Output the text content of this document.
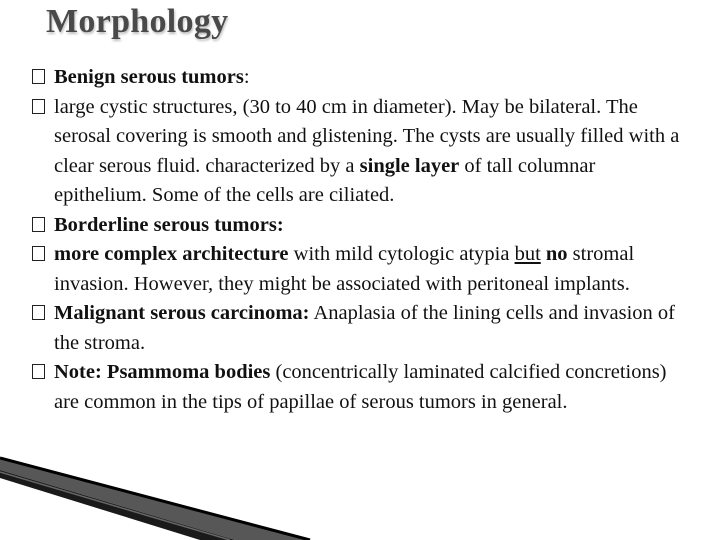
Morphology
Benign serous tumors:
large cystic structures, (30 to 40 cm in diameter). May be bilateral. The serosal covering is smooth and glistening. The cysts are usually filled with a clear serous fluid. characterized by a single layer of tall columnar epithelium. Some of the cells are ciliated.
Borderline serous tumors:
more complex architecture with mild cytologic atypia but no stromal invasion. However, they might be associated with peritoneal implants.
Malignant serous carcinoma: Anaplasia of the lining cells and invasion of the stroma.
Note: Psammoma bodies (concentrically laminated calcified concretions) are common in the tips of papillae of serous tumors in general.
